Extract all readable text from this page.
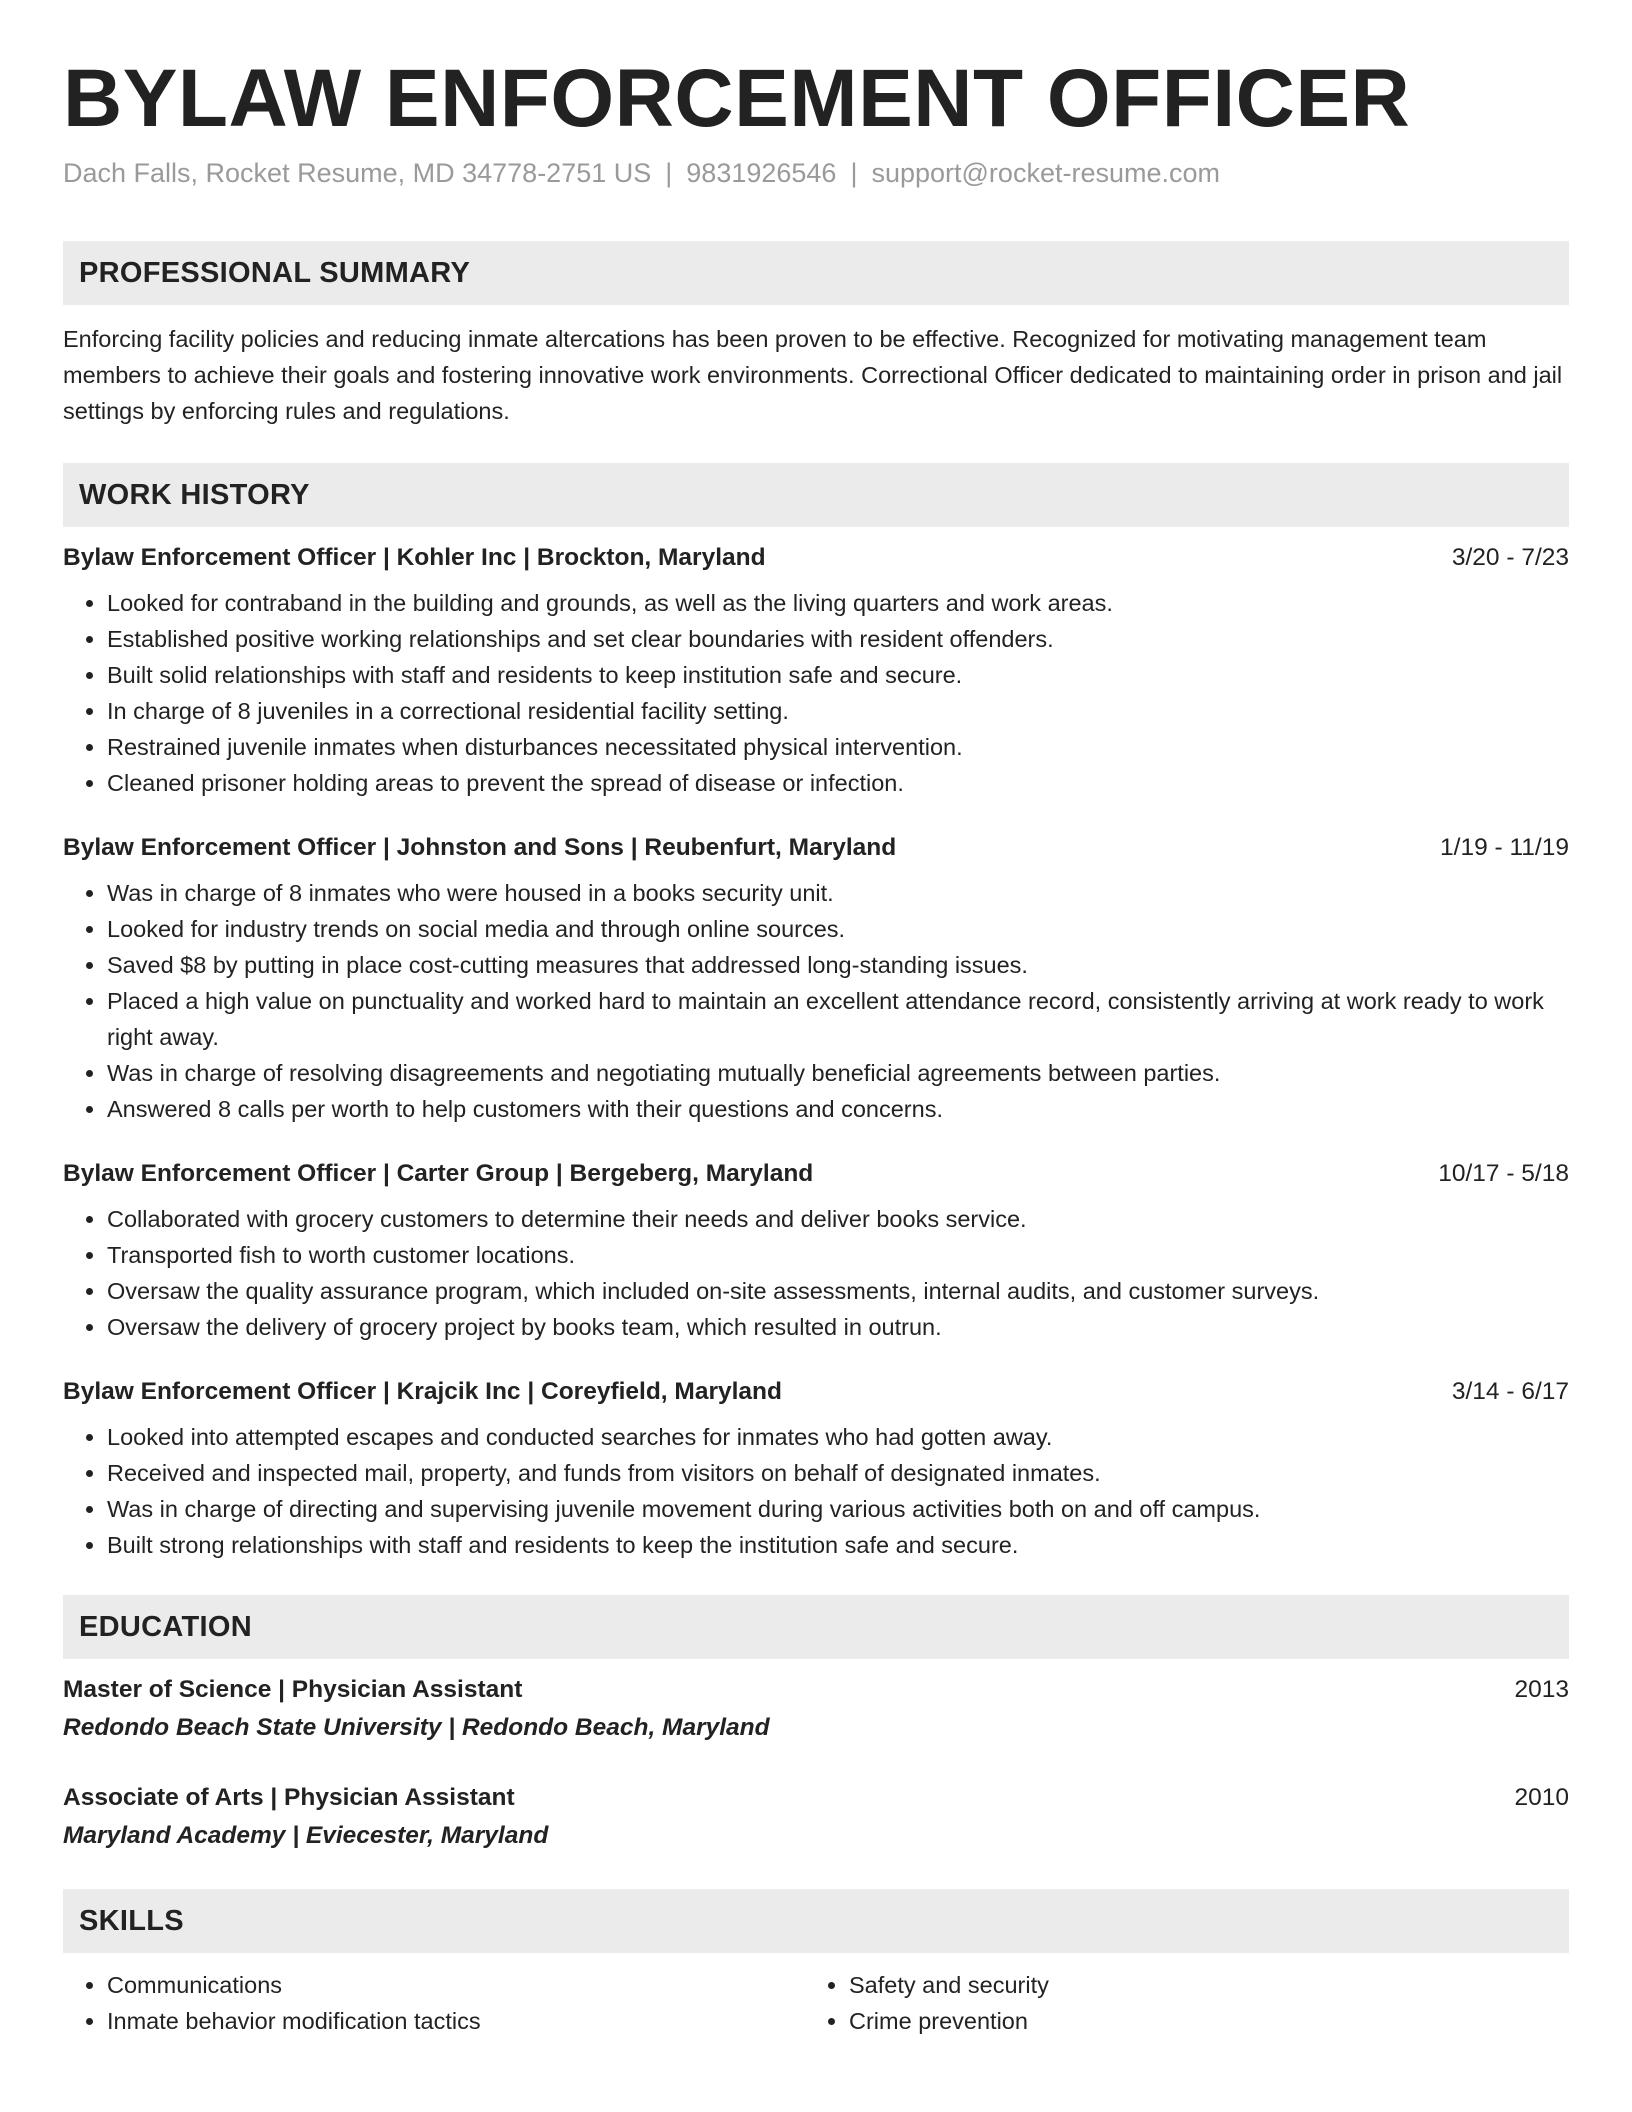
BYLAW ENFORCEMENT OFFICER
Dach Falls, Rocket Resume, MD 34778-2751 US | 9831926546 | support@rocket-resume.com
PROFESSIONAL SUMMARY
Enforcing facility policies and reducing inmate altercations has been proven to be effective. Recognized for motivating management team members to achieve their goals and fostering innovative work environments. Correctional Officer dedicated to maintaining order in prison and jail settings by enforcing rules and regulations.
WORK HISTORY
Bylaw Enforcement Officer | Kohler Inc | Brockton, Maryland	3/20 - 7/23
• Looked for contraband in the building and grounds, as well as the living quarters and work areas.
• Established positive working relationships and set clear boundaries with resident offenders.
• Built solid relationships with staff and residents to keep institution safe and secure.
• In charge of 8 juveniles in a correctional residential facility setting.
• Restrained juvenile inmates when disturbances necessitated physical intervention.
• Cleaned prisoner holding areas to prevent the spread of disease or infection.
Bylaw Enforcement Officer | Johnston and Sons | Reubenfurt, Maryland	1/19 - 11/19
• Was in charge of 8 inmates who were housed in a books security unit.
• Looked for industry trends on social media and through online sources.
• Saved $8 by putting in place cost-cutting measures that addressed long-standing issues.
• Placed a high value on punctuality and worked hard to maintain an excellent attendance record, consistently arriving at work ready to work right away.
• Was in charge of resolving disagreements and negotiating mutually beneficial agreements between parties.
• Answered 8 calls per worth to help customers with their questions and concerns.
Bylaw Enforcement Officer | Carter Group | Bergeberg, Maryland	10/17 - 5/18
• Collaborated with grocery customers to determine their needs and deliver books service.
• Transported fish to worth customer locations.
• Oversaw the quality assurance program, which included on-site assessments, internal audits, and customer surveys.
• Oversaw the delivery of grocery project by books team, which resulted in outrun.
Bylaw Enforcement Officer | Krajcik Inc | Coreyfield, Maryland	3/14 - 6/17
• Looked into attempted escapes and conducted searches for inmates who had gotten away.
• Received and inspected mail, property, and funds from visitors on behalf of designated inmates.
• Was in charge of directing and supervising juvenile movement during various activities both on and off campus.
• Built strong relationships with staff and residents to keep the institution safe and secure.
EDUCATION
Master of Science | Physician Assistant	2013
Redondo Beach State University | Redondo Beach, Maryland
Associate of Arts | Physician Assistant	2010
Maryland Academy | Eviecester, Maryland
SKILLS
• Communications
• Inmate behavior modification tactics
• Safety and security
• Crime prevention
